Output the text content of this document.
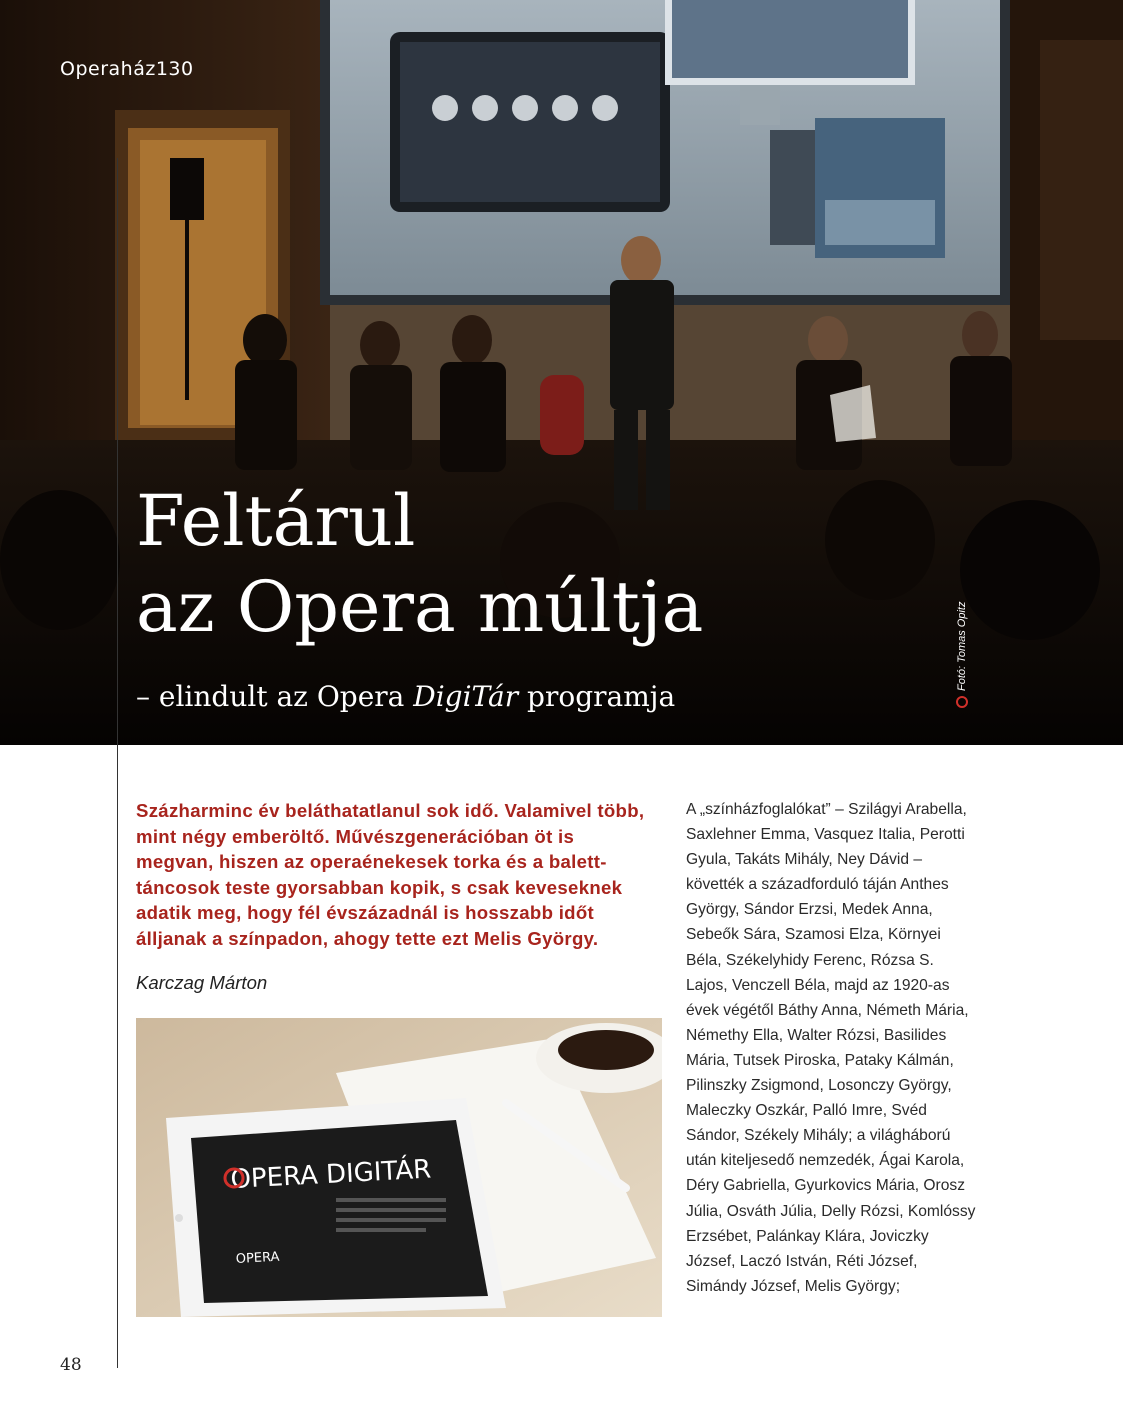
Operaház130
Feltárul
az Opera múltja
– elindult az Opera DigiTár programja
Fotó: Tomas Opitz

Százharminc év beláthatatlanul sok idő. Valamivel több, mint négy emberöltő. Művészgenerációban öt is megvan, hiszen az operaénekesek torka és a balett-táncosok teste gyorsabban kopik, s csak keveseknek adatik meg, hogy fél évszázadnál is hosszabb időt álljanak a színpadon, ahogy tette ezt Melis György.

Karczag Márton
OPERA DIGITÁR
OPERA

A „színházfoglalókat” – Szilágyi Arabella, Saxlehner Emma, Vasquez Italia, Perotti Gyula, Takáts Mihály, Ney Dávid – követték a századforduló táján Anthes György, Sándor Erzsi, Medek Anna, Sebeők Sára, Szamosi Elza, Környei Béla, Székelyhidy Ferenc, Rózsa S. Lajos, Venczell Béla, majd az 1920-as évek végétől Báthy Anna, Németh Mária, Némethy Ella, Walter Rózsi, Basilides Mária, Tutsek Piroska, Pataky Kálmán, Pilinszky Zsigmond, Losonczy György, Maleczky Oszkár, Palló Imre, Svéd Sándor, Székely Mihály; a világháború után kiteljesedő nemzedék, Ágai Karola, Déry Gabriella, Gyurkovics Mária, Orosz Júlia, Osváth Júlia, Delly Rózsi, Komlóssy Erzsébet, Palánkay Klára, Joviczky József, Laczó István, Réti József, Simándy József, Melis György;

48
